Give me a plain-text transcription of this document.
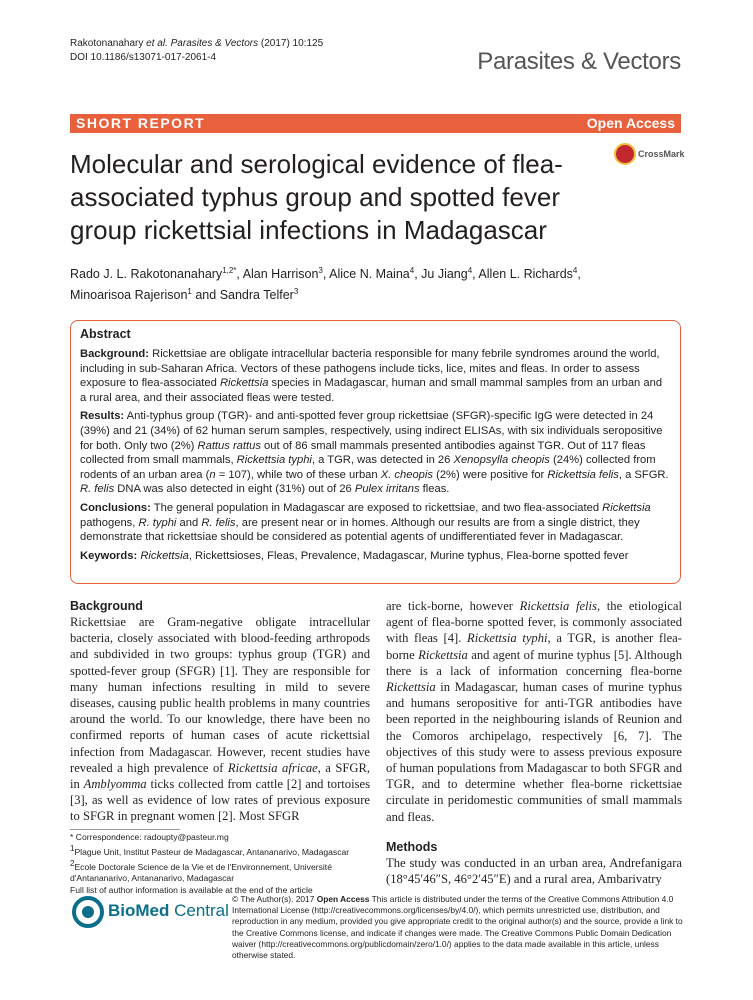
Rakotonanahary et al. Parasites & Vectors (2017) 10:125
DOI 10.1186/s13071-017-2061-4	Parasites & Vectors
SHORT REPORT	Open Access
Molecular and serological evidence of flea-associated typhus group and spotted fever group rickettsial infections in Madagascar
CrossMark
Rado J. L. Rakotonanahary$^{1,2*}$, Alan Harrison$^3$, Alice N. Maina$^4$, Ju Jiang$^4$, Allen L. Richards$^4$,
Minoarisoa Rajerison$^1$ and Sandra Telfer$^3$
Abstract

Background: Rickettsiae are obligate intracellular bacteria responsible for many febrile syndromes around the world, including in sub-Saharan Africa. Vectors of these pathogens include ticks, lice, mites and fleas. In order to assess exposure to flea-associated Rickettsia species in Madagascar, human and small mammal samples from an urban and a rural area, and their associated fleas were tested.

Results: Anti-typhus group (TGR)- and anti-spotted fever group rickettsiae (SFGR)-specific IgG were detected in 24 (39%) and 21 (34%) of 62 human serum samples, respectively, using indirect ELISAs, with six individuals seropositive for both. Only two (2%) Rattus rattus out of 86 small mammals presented antibodies against TGR. Out of 117 fleas collected from small mammals, Rickettsia typhi, a TGR, was detected in 26 Xenopsylla cheopis (24%) collected from rodents of an urban area (n = 107), while two of these urban X. cheopis (2%) were positive for Rickettsia felis, a SFGR. R. felis DNA was also detected in eight (31%) out of 26 Pulex irritans fleas.

Conclusions: The general population in Madagascar are exposed to rickettsiae, and two flea-associated Rickettsia pathogens, R. typhi and R. felis, are present near or in homes. Although our results are from a single district, they demonstrate that rickettsiae should be considered as potential agents of undifferentiated fever in Madagascar.

Keywords: Rickettsia, Rickettsioses, Fleas, Prevalence, Madagascar, Murine typhus, Flea-borne spotted fever

Background

Rickettsiae are Gram-negative obligate intracellular bacteria, closely associated with blood-feeding arthropods and subdivided in two groups: typhus group (TGR) and spotted-fever group (SFGR) [1]. They are responsible for many human infections resulting in mild to severe diseases, causing public health problems in many countries around the world. To our knowledge, there have been no confirmed reports of human cases of acute rickettsial infection from Madagascar. However, recent studies have revealed a high prevalence of Rickettsia africae, a SFGR, in Amblyomma ticks collected from cattle [2] and tortoises [3], as well as evidence of low rates of previous exposure to SFGR in pregnant women [2]. Most SFGR

are tick-borne, however Rickettsia felis, the etiological agent of flea-borne spotted fever, is commonly associated with fleas [4]. Rickettsia typhi, a TGR, is another flea-borne Rickettsia and agent of murine typhus [5]. Although there is a lack of information concerning flea-borne Rickettsia in Madagascar, human cases of murine typhus and humans seropositive for anti-TGR antibodies have been reported in the neighbouring islands of Reunion and the Comoros archipelago, respectively [6, 7]. The objectives of this study were to assess previous exposure of human populations from Madagascar to both SFGR and TGR, and to determine whether flea-borne rickettsiae circulate in peridomestic communities of small mammals and fleas.

* Correspondence: radoupty@pasteur.mg
$^1$Plague Unit, Institut Pasteur de Madagascar, Antananarivo, Madagascar
$^2$Ecole Doctorale Science de la Vie et de l'Environnement, Université
d'Antananarivo, Antananarivo, Madagascar
Full list of author information is available at the end of the article
Methods

The study was conducted in an urban area, Andrefanigara (18°45′46″S, 46°2′45″E) and a rural area, Ambarivatry

BioMed Central
© The Author(s). 2017 Open Access This article is distributed under the terms of the Creative Commons Attribution 4.0 International License (http://creativecommons.org/licenses/by/4.0/), which permits unrestricted use, distribution, and reproduction in any medium, provided you give appropriate credit to the original author(s) and the source, provide a link to the Creative Commons license, and indicate if changes were made. The Creative Commons Public Domain Dedication waiver (http://creativecommons.org/publicdomain/zero/1.0/) applies to the data made available in this article, unless otherwise stated.
